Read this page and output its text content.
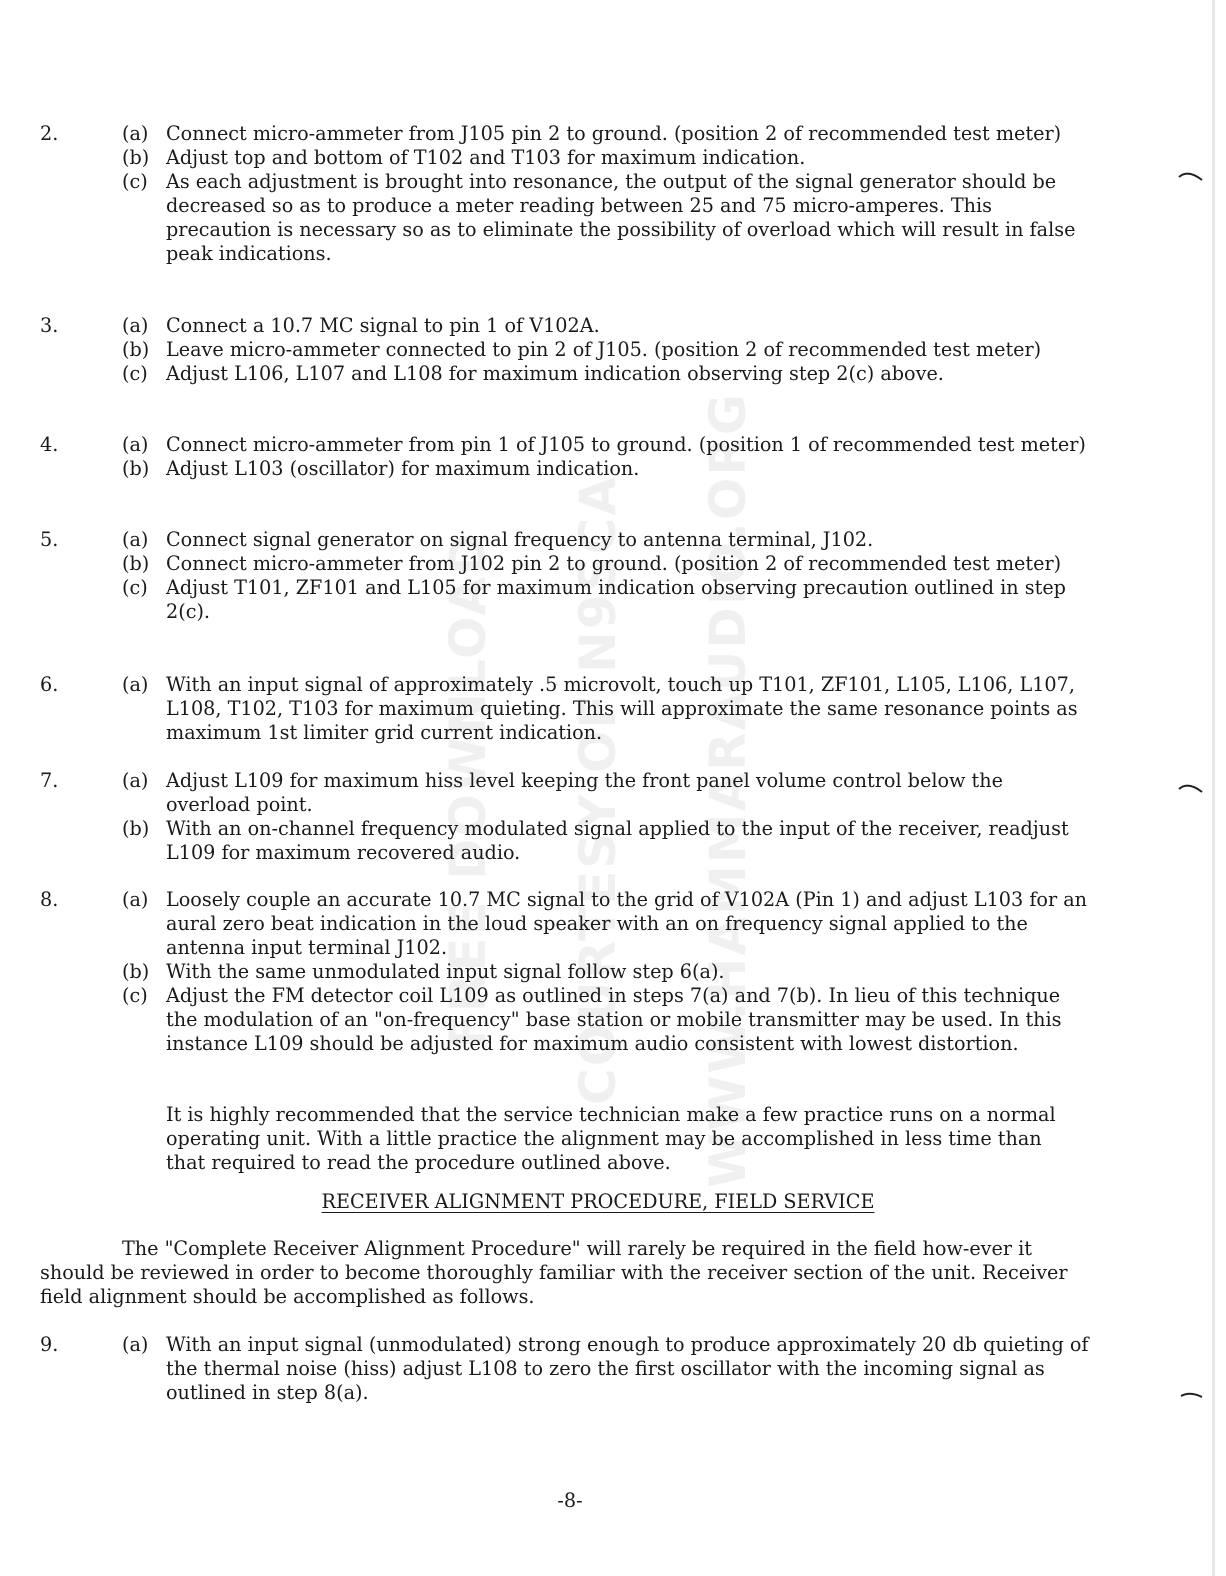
FREE DOWNLOAD COURTESY OF N9SCA WWW.HAMMARAUDIO.ORG
2.	(a) Connect micro-ammeter from J105 pin 2 to ground. (position 2 of recommended test meter)
(b) Adjust top and bottom of T102 and T103 for maximum indication.
(c) As each adjustment is brought into resonance, the output of the signal generator should be decreased so as to produce a meter reading between 25 and 75 micro-amperes. This precaution is necessary so as to eliminate the possibility of overload which will result in false peak indications.
3.	(a) Connect a 10.7 MC signal to pin 1 of V102A.
(b) Leave micro-ammeter connected to pin 2 of J105. (position 2 of recommended test meter)
(c) Adjust L106, L107 and L108 for maximum indication observing step 2(c) above.
4.	(a) Connect micro-ammeter from pin 1 of J105 to ground. (position 1 of recommended test meter)
(b) Adjust L103 (oscillator) for maximum indication.
5.	(a) Connect signal generator on signal frequency to antenna terminal, J102.
(b) Connect micro-ammeter from J102 pin 2 to ground. (position 2 of recommended test meter)
(c) Adjust T101, ZF101 and L105 for maximum indication observing precaution outlined in step 2(c).
6.	(a) With an input signal of approximately .5 microvolt, touch up T101, ZF101, L105, L106, L107, L108, T102, T103 for maximum quieting. This will approximate the same resonance points as maximum 1st limiter grid current indication.
7.	(a) Adjust L109 for maximum hiss level keeping the front panel volume control below the overload point.
(b) With an on-channel frequency modulated signal applied to the input of the receiver, readjust L109 for maximum recovered audio.
8.	(a) Loosely couple an accurate 10.7 MC signal to the grid of V102A (Pin 1) and adjust L103 for an aural zero beat indication in the loud speaker with an on frequency signal applied to the antenna input terminal J102.
(b) With the same unmodulated input signal follow step 6(a).
(c) Adjust the FM detector coil L109 as outlined in steps 7(a) and 7(b). In lieu of this technique the modulation of an "on-frequency" base station or mobile transmitter may be used. In this instance L109 should be adjusted for maximum audio consistent with lowest distortion.
It is highly recommended that the service technician make a few practice runs on a normal operating unit. With a little practice the alignment may be accomplished in less time than that required to read the procedure outlined above.
RECEIVER ALIGNMENT PROCEDURE, FIELD SERVICE
The "Complete Receiver Alignment Procedure" will rarely be required in the field how-ever it should be reviewed in order to become thoroughly familiar with the receiver section of the unit. Receiver field alignment should be accomplished as follows.
9.	(a) With an input signal (unmodulated) strong enough to produce approximately 20 db quieting of the thermal noise (hiss) adjust L108 to zero the first oscillator with the incoming signal as outlined in step 8(a).
-8-
